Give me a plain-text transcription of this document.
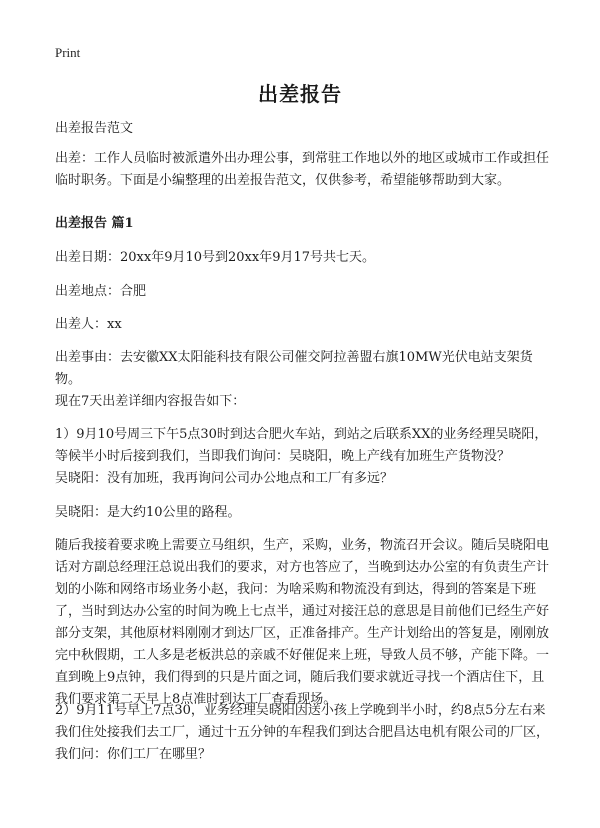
Print
出差报告

出差报告范文

出差：工作人员临时被派遣外出办理公事，到常驻工作地以外的地区或城市工作或担任临时职务。下面是小编整理的出差报告范文，仅供参考，希望能够帮助到大家。

出差报告 篇1

出差日期：20xx年9月10号到20xx年9月17号共七天。

出差地点：合肥

出差人：xx

出差事由：去安徽XX太阳能科技有限公司催交阿拉善盟右旗10MW光伏电站支架货物。

现在7天出差详细内容报告如下：

1）9月10号周三下午5点30时到达合肥火车站，到站之后联系XX的业务经理吴晓阳，等候半小时后接到我们，当即我们询问：吴晓阳，晚上产线有加班生产货物没？

吴晓阳：没有加班，我再询问公司办公地点和工厂有多远？

吴晓阳：是大约10公里的路程。

随后我接着要求晚上需要立马组织，生产，采购，业务，物流召开会议。随后吴晓阳电话对方副总经理汪总说出我们的要求，对方也答应了，当晚到达办公室的有负责生产计划的小陈和网络市场业务小赵，我问：为啥采购和物流没有到达，得到的答案是下班了，当时到达办公室的时间为晚上七点半，通过对接汪总的意思是目前他们已经生产好部分支架，其他原材料刚刚才到达厂区，正准备排产。生产计划给出的答复是，刚刚放完中秋假期，工人多是老板洪总的亲戚不好催促来上班，导致人员不够，产能下降。一直到晚上9点钟，我们得到的只是片面之词，随后我们要求就近寻找一个酒店住下，且我们要求第二天早上8点准时到达工厂查看现场。

2）9月11号早上7点30，业务经理吴晓阳因送小孩上学晚到半小时，约8点5分左右来我们住处接我们去工厂，通过十五分钟的车程我们到达合肥昌达电机有限公司的厂区，我们问：你们工厂在哪里？
